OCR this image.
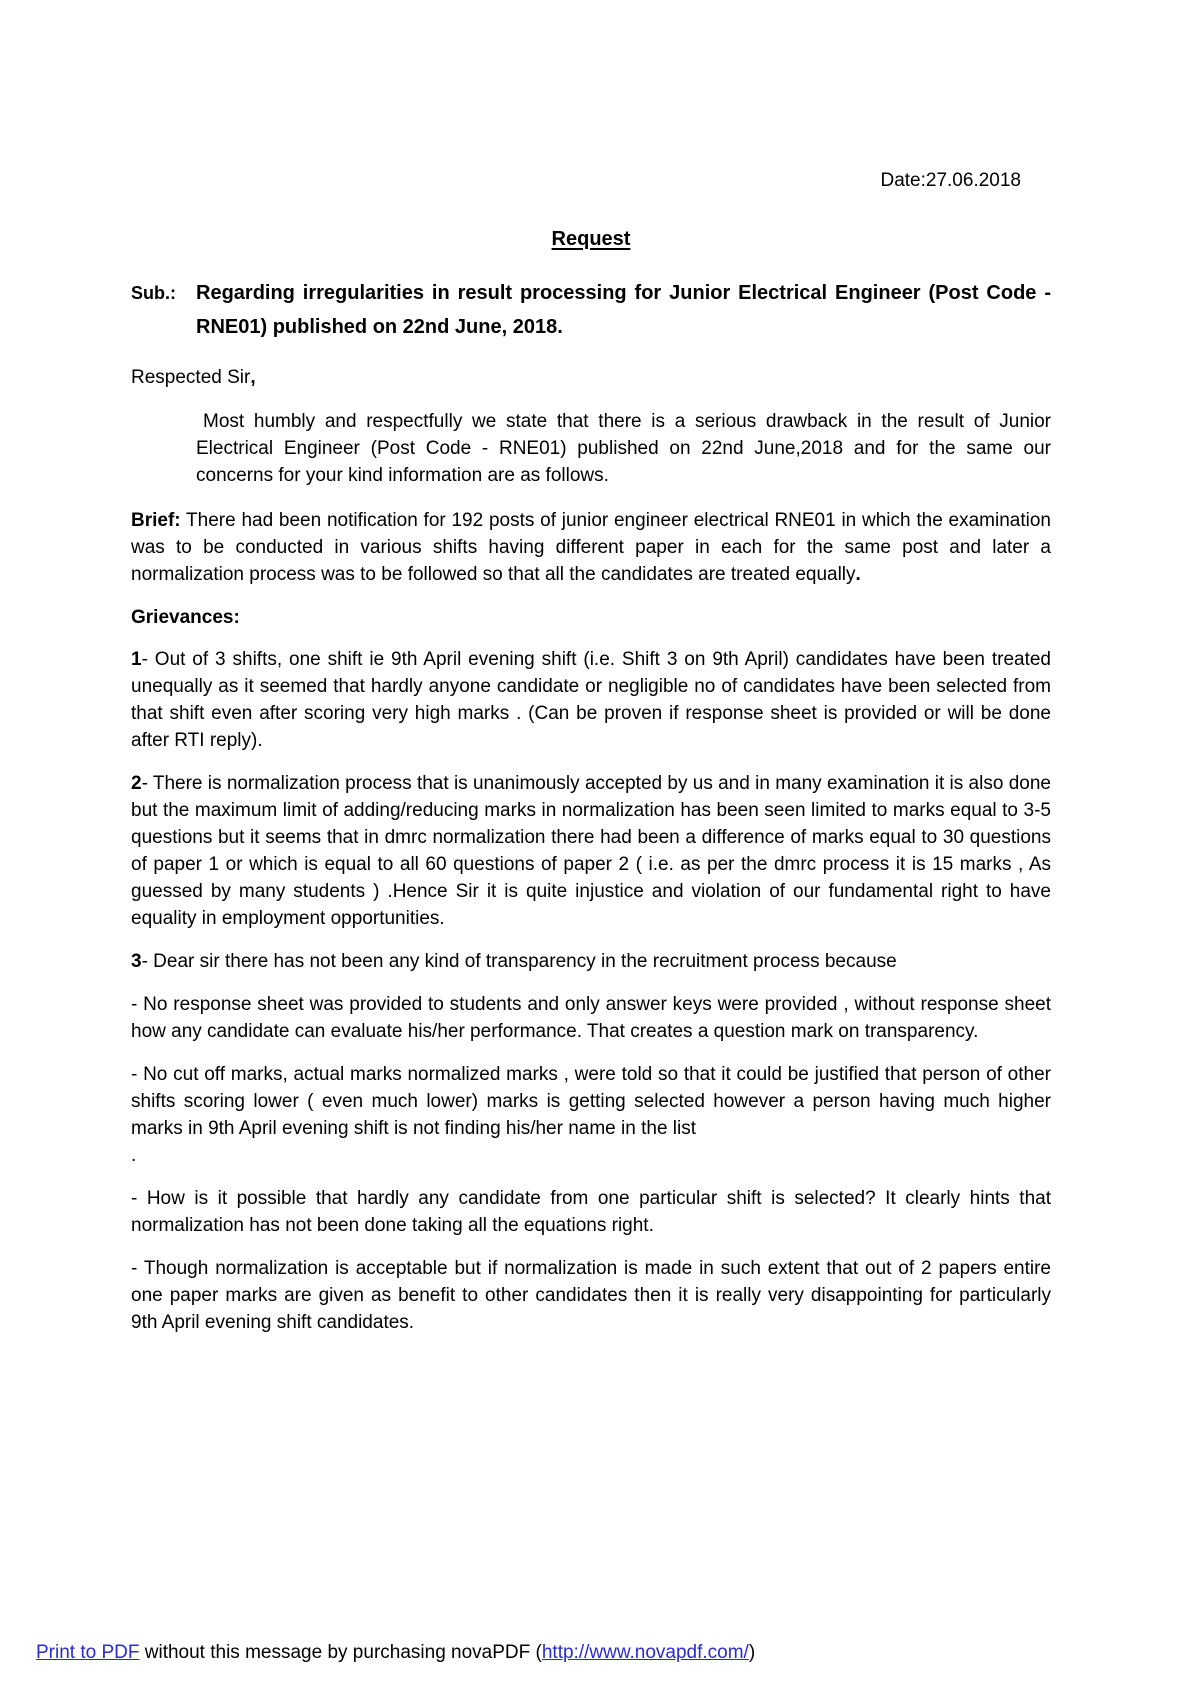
Date:27.06.2018
Request
Sub.:	Regarding irregularities in result processing for Junior Electrical Engineer (Post Code - RNE01) published on 22nd June, 2018.
Respected Sir,
Most humbly and respectfully we state that there is a serious drawback in the result of Junior Electrical Engineer (Post Code - RNE01) published on 22nd June,2018 and for the same our concerns for your kind information are as follows.
Brief: There had been notification for 192 posts of junior engineer electrical RNE01 in which the examination was to be conducted in various shifts having different paper in each for the same post and later a normalization process was to be followed so that all the candidates are treated equally.
Grievances:
1- Out of 3 shifts, one shift ie 9th April evening shift (i.e. Shift 3 on 9th April) candidates have been treated unequally as it seemed that hardly anyone candidate or negligible no of candidates have been selected from that shift even after scoring very high marks . (Can be proven if response sheet is provided or will be done after RTI reply).
2- There is normalization process that is unanimously accepted by us and in many examination it is also done but the maximum limit of adding/reducing marks in normalization has been seen limited to marks equal to 3-5 questions but it seems that in dmrc normalization there had been a difference of marks equal to 30 questions of paper 1 or which is equal to all 60 questions of paper 2 ( i.e. as per the dmrc process it is 15 marks , As guessed by many students ) .Hence Sir it is quite injustice and violation of our fundamental right to have equality in employment opportunities.
3- Dear sir there has not been any kind of transparency in the recruitment process because
- No response sheet was provided to students and only answer keys were provided , without response sheet how any candidate can evaluate his/her performance. That creates a question mark on transparency.
- No cut off marks, actual marks normalized marks , were told so that it could be justified that person of other shifts scoring lower ( even much lower) marks is getting selected however a person having much higher marks in 9th April evening shift is not finding his/her name in the list
.
- How is it possible that hardly any candidate from one particular shift is selected? It clearly hints that normalization has not been done taking all the equations right.
- Though normalization is acceptable but if normalization is made in such extent that out of 2 papers entire one paper marks are given as benefit to other candidates then it is really very disappointing for particularly 9th April evening shift candidates.
Print to PDF without this message by purchasing novaPDF (http://www.novapdf.com/)
